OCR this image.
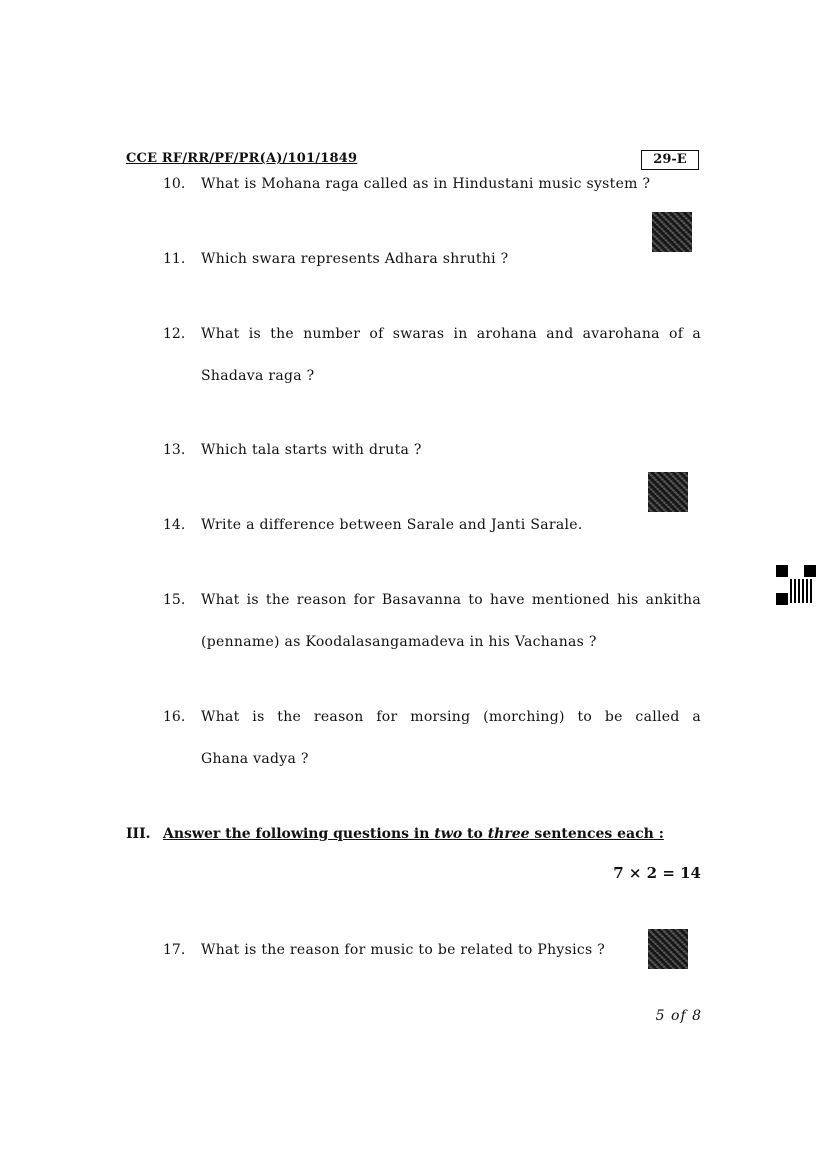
CCE RF/RR/PF/PR(A)/101/1849	29-E
10. What is Mohana raga called as in Hindustani music system ?
11. Which swara represents Adhara shruthi ?
12. What is the number of swaras in arohana and avarohana of a
Shadava raga ?
13. Which tala starts with druta ?
14. Write a difference between Sarale and Janti Sarale.
15. What is the reason for Basavanna to have mentioned his ankitha
(penname) as Koodalasangamadeva in his Vachanas ?
16. What is the reason for morsing (morching) to be called a
Ghana vadya ?
III. Answer the following questions in two to three sentences each :
7 × 2 = 14
17. What is the reason for music to be related to Physics ?
5 of 8
